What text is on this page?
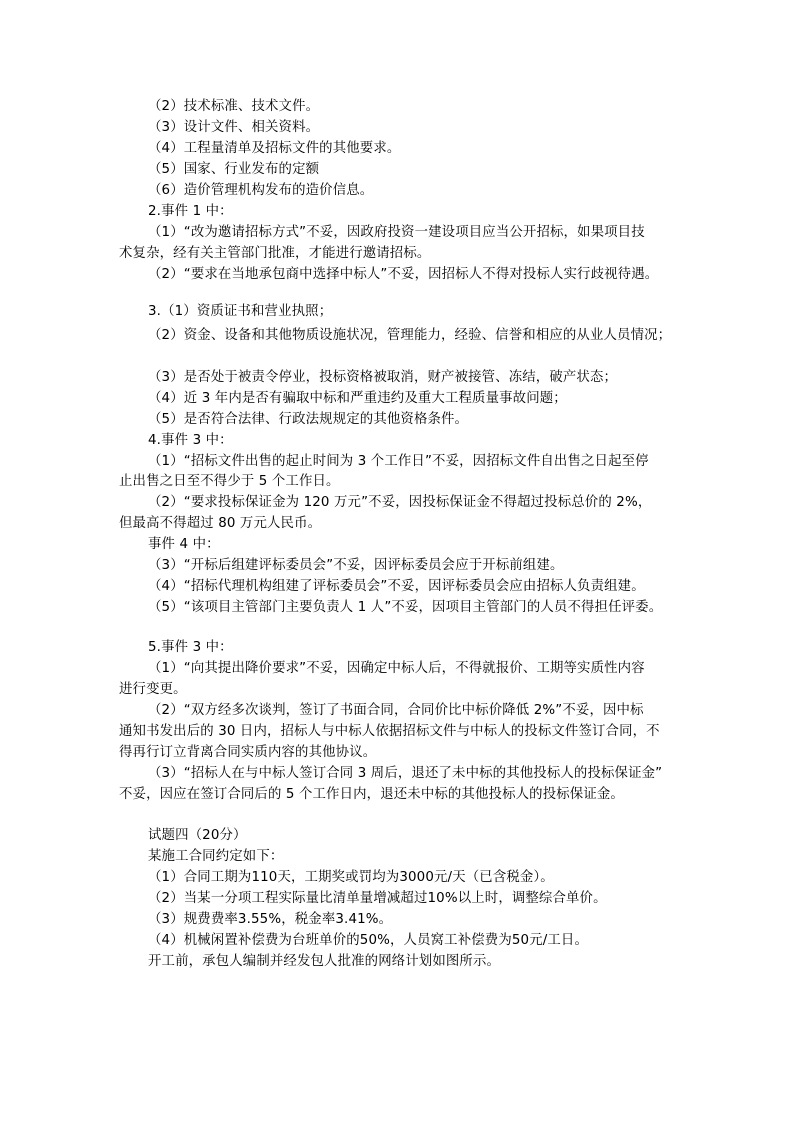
（2）技术标准、技术文件。
（3）设计文件、相关资料。
（4）工程量清单及招标文件的其他要求。
（5）国家、行业发布的定额
（6）造价管理机构发布的造价信息。
2.事件 1 中：
（1）“改为邀请招标方式”不妥，因政府投资一建设项目应当公开招标，如果项目技
术复杂，经有关主管部门批准，才能进行邀请招标。
（2）“要求在当地承包商中选择中标人”不妥，因招标人不得对投标人实行歧视待遇。
3.（1）资质证书和营业执照；
（2）资金、设备和其他物质设施状况，管理能力，经验、信誉和相应的从业人员情况；
（3）是否处于被责令停业，投标资格被取消，财产被接管、冻结，破产状态；
（4）近 3 年内是否有骗取中标和严重违约及重大工程质量事故问题；
（5）是否符合法律、行政法规规定的其他资格条件。
4.事件 3 中：
（1）“招标文件出售的起止时间为 3 个工作日”不妥，因招标文件自出售之日起至停
止出售之日至不得少于 5 个工作日。
（2）“要求投标保证金为 120 万元”不妥，因投标保证金不得超过投标总价的 2%，
但最高不得超过 80 万元人民币。
事件 4 中：
（3）“开标后组建评标委员会”不妥，因评标委员会应于开标前组建。
（4）“招标代理机构组建了评标委员会”不妥，因评标委员会应由招标人负责组建。
（5）“该项目主管部门主要负责人 1 人”不妥，因项目主管部门的人员不得担任评委。
5.事件 3 中：
（1）“向其提出降价要求”不妥，因确定中标人后，不得就报价、工期等实质性内容
进行变更。
（2）“双方经多次谈判，签订了书面合同，合同价比中标价降低 2%”不妥，因中标
通知书发出后的 30 日内，招标人与中标人依据招标文件与中标人的投标文件签订合同，不
得再行订立背离合同实质内容的其他协议。
（3）“招标人在与中标人签订合同 3 周后，退还了未中标的其他投标人的投标保证金”
不妥，因应在签订合同后的 5 个工作日内，退还未中标的其他投标人的投标保证金。
试题四（20分）
某施工合同约定如下：
（1）合同工期为110天，工期奖或罚均为3000元/天（已含税金）。
（2）当某一分项工程实际量比清单量增减超过10%以上时，调整综合单价。
（3）规费费率3.55%，税金率3.41%。
（4）机械闲置补偿费为台班单价的50%，人员窝工补偿费为50元/工日。
开工前，承包人编制并经发包人批准的网络计划如图所示。
